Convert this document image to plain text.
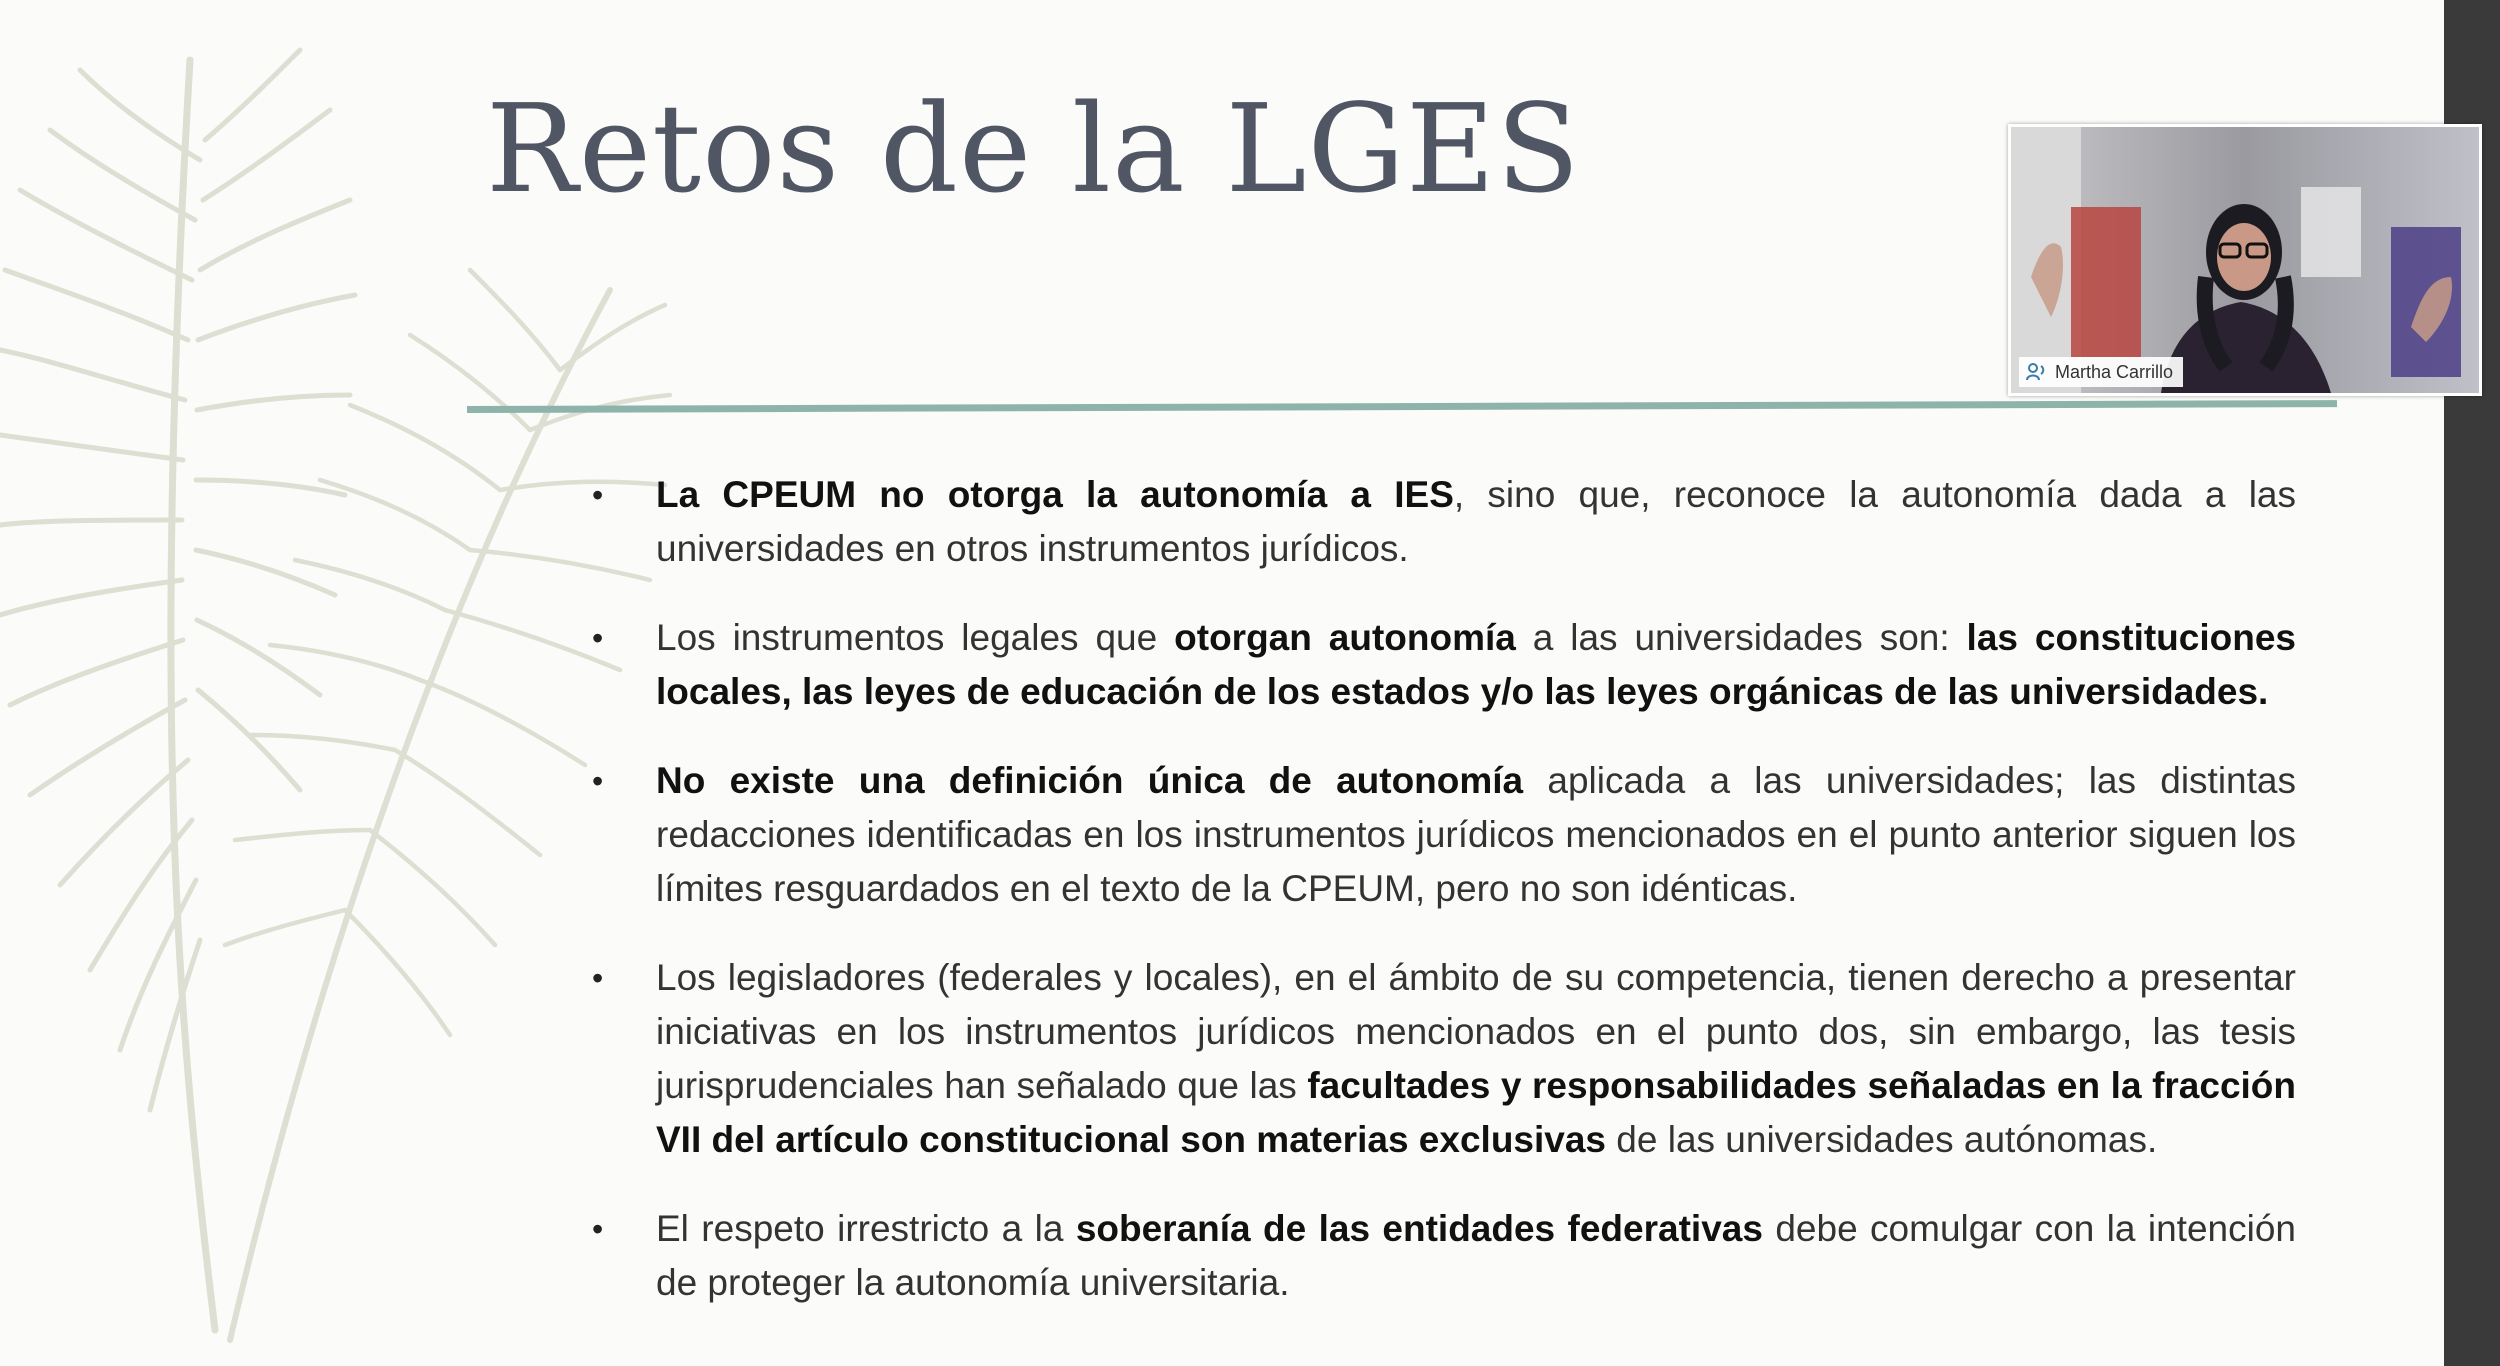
Retos de la LGES
• La CPEUM no otorga la autonomía a IES, sino que, reconoce la autonomía dada a las universidades en otros instrumentos jurídicos.
• Los instrumentos legales que otorgan autonomía a las universidades son: las constituciones locales, las leyes de educación de los estados y/o las leyes orgánicas de las universidades.
• No existe una definición única de autonomía aplicada a las universidades; las distintas redacciones identificadas en los instrumentos jurídicos mencionados en el punto anterior siguen los límites resguardados en el texto de la CPEUM, pero no son idénticas.
• Los legisladores (federales y locales), en el ámbito de su competencia, tienen derecho a presentar iniciativas en los instrumentos jurídicos mencionados en el punto dos, sin embargo, las tesis jurisprudenciales han señalado que las facultades y responsabilidades señaladas en la fracción VII del artículo constitucional son materias exclusivas de las universidades autónomas.
• El respeto irrestricto a la soberanía de las entidades federativas debe comulgar con la intención de proteger la autonomía universitaria.
Martha Carrillo
